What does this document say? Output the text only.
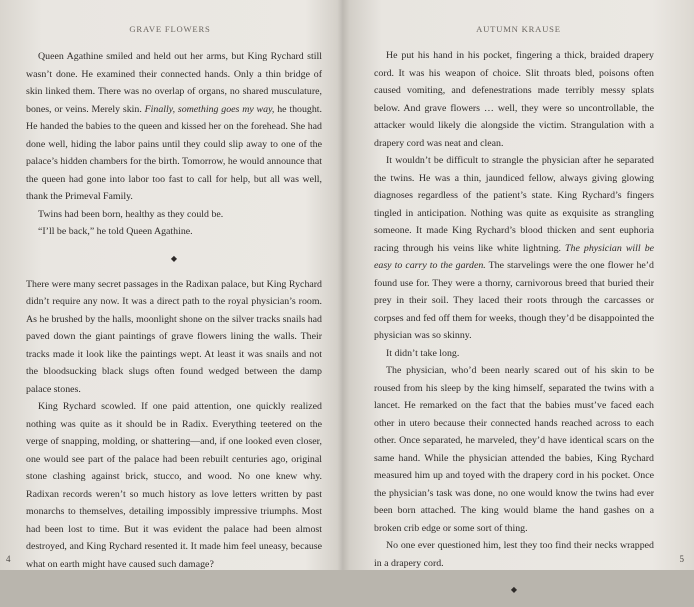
GRAVE FLOWERS

Queen Agathine smiled and held out her arms, but King Rychard still wasn’t done. He examined their connected hands. Only a thin bridge of skin linked them. There was no overlap of organs, no shared musculature, bones, or veins. Merely skin. Finally, something goes my way, he thought. He handed the babies to the queen and kissed her on the forehead. She had done well, hiding the labor pains until they could slip away to one of the palace’s hidden chambers for the birth. Tomorrow, he would announce that the queen had gone into labor too fast to call for help, but all was well, thank the Primeval Family.

Twins had been born, healthy as they could be.

“I’ll be back,” he told Queen Agathine.

◆

There were many secret passages in the Radixan palace, but King Rychard didn’t require any now. It was a direct path to the royal physician’s room. As he brushed by the halls, moonlight shone on the silver tracks snails had paved down the giant paintings of grave flowers lining the walls. Their tracks made it look like the paintings wept. At least it was snails and not the bloodsucking black slugs often found wedged between the damp palace stones.

King Rychard scowled. If one paid attention, one quickly realized nothing was quite as it should be in Radix. Everything teetered on the verge of snapping, molding, or shattering—and, if one looked even closer, one would see part of the palace had been rebuilt centuries ago, original stone clashing against brick, stucco, and wood. No one knew why. Radixan records weren’t so much history as love letters written by past monarchs to themselves, detailing impossibly impressive triumphs. Most had been lost to time. But it was evident the palace had been almost destroyed, and King Rychard resented it. It made him feel uneasy, because what on earth might have caused such damage?

4
AUTUMN KRAUSE
5

He put his hand in his pocket, fingering a thick, braided drapery cord. It was his weapon of choice. Slit throats bled, poisons often caused vomiting, and defenestrations made terribly messy splats below. And grave flowers … well, they were so uncontrollable, the attacker would likely die alongside the victim. Strangulation with a drapery cord was neat and clean.

It wouldn’t be difficult to strangle the physician after he separated the twins. He was a thin, jaundiced fellow, always giving glowing diagnoses regardless of the patient’s state. King Rychard’s fingers tingled in anticipation. Nothing was quite as exquisite as strangling someone. It made King Rychard’s blood thicken and sent euphoria racing through his veins like white lightning. The physician will be easy to carry to the garden. The starvelings were the one flower he’d found use for. They were a thorny, carnivorous breed that buried their prey in their soil. They laced their roots through the carcasses or corpses and fed off them for weeks, though they’d be disappointed the physician was so skinny.

It didn’t take long.

The physician, who’d been nearly scared out of his skin to be roused from his sleep by the king himself, separated the twins with a lancet. He remarked on the fact that the babies must’ve faced each other in utero because their connected hands reached across to each other. Once separated, he marveled, they’d have identical scars on the same hand. While the physician attended the babies, King Rychard measured him up and toyed with the drapery cord in his pocket. Once the physician’s task was done, no one would know the twins had ever been born attached. The king would blame the hand gashes on a broken crib edge or some sort of thing.

No one ever questioned him, lest they too find their necks wrapped in a drapery cord.

◆
